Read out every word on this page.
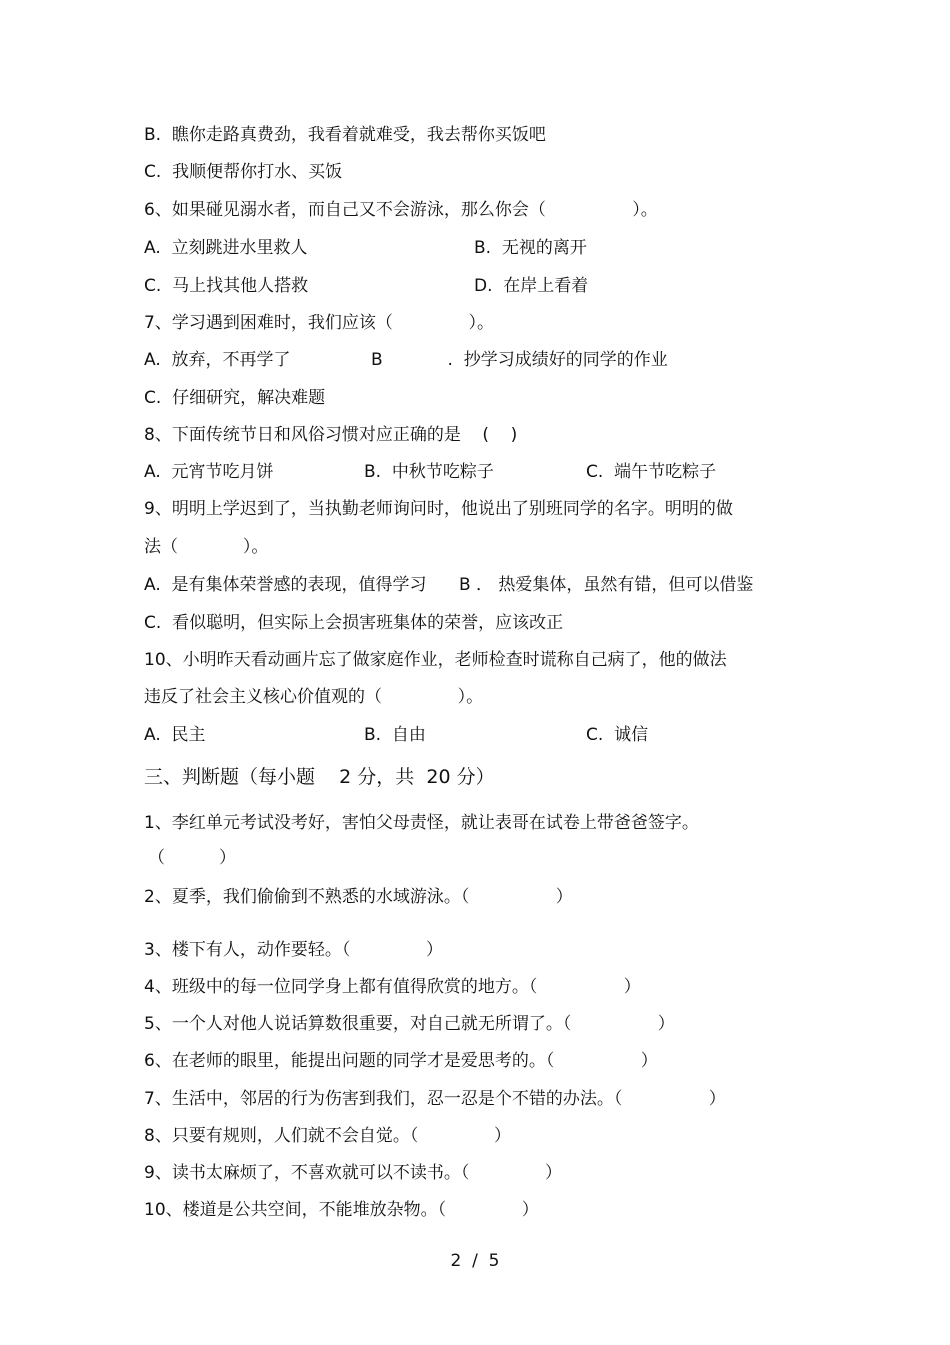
B.  瞧你走路真费劲，我看着就难受，我去帮你买饭吧
C.  我顺便帮你打水、买饭
6、如果碰见溺水者，而自己又不会游泳，那么你会（                ）。
A.  立刻跳进水里救人	B.  无视的离开
C.  马上找其他人搭救	D.  在岸上看着
7、学习遇到困难时，我们应该（              ）。
A.  放弃，不再学了	B            .  抄学习成绩好的同学的作业
C.  仔细研究，解决难题
8、下面传统节日和风俗习惯对应正确的是    (    )
A.  元宵节吃月饼	B.  中秋节吃粽子	C.  端午节吃粽子
9、明明上学迟到了，当执勤老师询问时，他说出了别班同学的名字。明明的做
法（            ）。
A.  是有集体荣誉感的表现，值得学习      B ． 热爱集体，虽然有错，但可以借鉴
C.  看似聪明，但实际上会损害班集体的荣誉，应该改正
10、小明昨天看动画片忘了做家庭作业，老师检查时谎称自己病了，他的做法
违反了社会主义核心价值观的（              ）。
A.  民主	B.  自由	C.  诚信
三、判断题（每小题    2 分，共  20 分）
1、李红单元考试没考好，害怕父母责怪，就让表哥在试卷上带爸爸签字。
（          ）
2、夏季，我们偷偷到不熟悉的水域游泳。（                ）
3、楼下有人，动作要轻。（              ）
4、班级中的每一位同学身上都有值得欣赏的地方。（                ）
5、一个人对他人说话算数很重要，对自己就无所谓了。（                ）
6、在老师的眼里，能提出问题的同学才是爱思考的。（                ）
7、生活中，邻居的行为伤害到我们，忍一忍是个不错的办法。（                ）
8、只要有规则，人们就不会自觉。（              ）
9、读书太麻烦了，不喜欢就可以不读书。（              ）
10、楼道是公共空间，不能堆放杂物。（              ）
2  /  5
